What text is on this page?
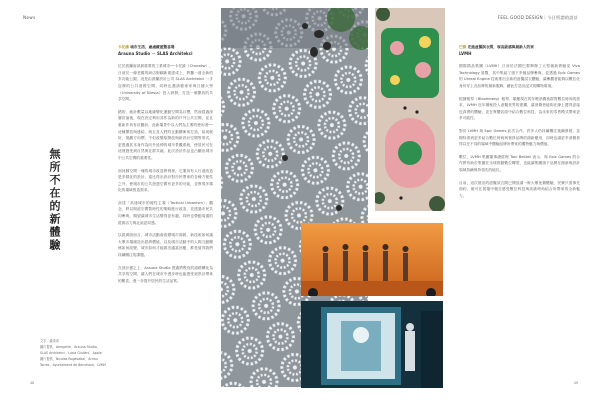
News	FEEL GOOD DESIGN｜今日所謂的設計
無所不在的新體驗
文字．盧希希
圖片提供．Aerophile、Arauna Studio、SLAS Architekci、Lucia Giuliani、Apple
圖片提供．Nicolas Rogavabal、Arnau Torres、Ayuntament de Barcelona、LVMH

卡托維 城市生活，處處藏匿驚喜場
Arauna Studio － SLAS Architekci

位於波蘭南部最重要的工業城市──卡托維（Chorzów），日前於一條老舊的商店街翻新重建成上，將攜一道全新的多功能公園，這是由波蘭設計公司 SLAS Architekci 一手包辦的公共遊戲空間，同時也邀請藝術家與日據大學（University of Silesia）投入研發，打造一個開放的共享空間。

錯的，統計數量以地緣變化運動空間為目標，然而經過深層討論後，現在決定利用其作為新的戶外公共空間，並且重新作具有計劃前，此新場景中以人們為主要的使用者──這種開放與連結，與五及人們的互動關係來打造，給成就好，規劃方向標，不但改變原開放與新設計空間等形式，更透過其本身作為向外延伸的城市景觀系統，使居民可在這裡感受到自然與社群共融，此次設計作品也凸顯出城市中公共空間的重要性。

而回歸空間一塊的城市改造實例裡，它運用有人行道改造是多樣化的設計，遠比得出設計對市民帶來的各種方便性之外，使城市的公共遊憩空間有更多的可能，並實現多樣化的場域營造需求。

前述「高速城市的硬性主義（Tactical Urbanism）」觀念，將以街道空間暫時性的策略進行改造，並透過市民共同參與，期望讓城市生活變得更有趣，同時也帶動周邊的經濟活力與社區認同感。

以經濟面而言，城市活動會改變城市面貌，新技術如何讓大眾市場創造出經濟價值，以及城市活動中的人際互動關係如何改變，城市如何才能做出適當回應，都是值得我們持續關注的課題。

在該計畫之上，Arauna Studio 透過將既有的道路轉化為共享的空間，讓人們在城市中漫步時也能感受到設計帶來的驚喜，進一步提升居民的生活品質。

巴黎 走進虛擬試衣間，領高級感與創新人的家
LVMH

國際精品集團（LVMH）日前於法國巴黎舉辦了大型創新實驗室 Viva Technology 展覽，其中集結了旗下多個品牌參與，並透過 Epic Games 的 Unreal Engine 技術推出全新的虛擬試衣體驗，讓參觀者能夠以數位化身份穿上各品牌的最新服飾，藉此打造沉浸式的購物環境。

根據報導（Bloomberg）報導，順應現在的年輕消費族群對數位時尚的需求，LVMH 近年積極投入虛擬世界的建構，讓消費者能夠在線上獲得更接近真實的體驗，並在實體店面中結合數位科技，為未來的零售模式帶來更多可能性。

對於 LVMH 與 Epic Games 此次合作，許多人仍持續關注後續發展，並期待看到更多結合數位時尚與奢侈品牌的創新應用，同時也讓更多消費者得以在不同的場域中體驗品牌所帶來的獨特魅力與價值。

數位，LVMH 集團董事總經理 Toni Belloni 表示，與 Epic Games 的合作將有助於集團在全球推動數位轉型，也能讓集團旗下品牌在創新與設計領域持續保持領先的地位。

目前，這次展出的虛擬試衣間已開放讓一般大眾免費體驗，民眾只需事先預約，便可在展場中親自感受數位科技與高級時尚結合所帶來的全新魅力。

48	49
